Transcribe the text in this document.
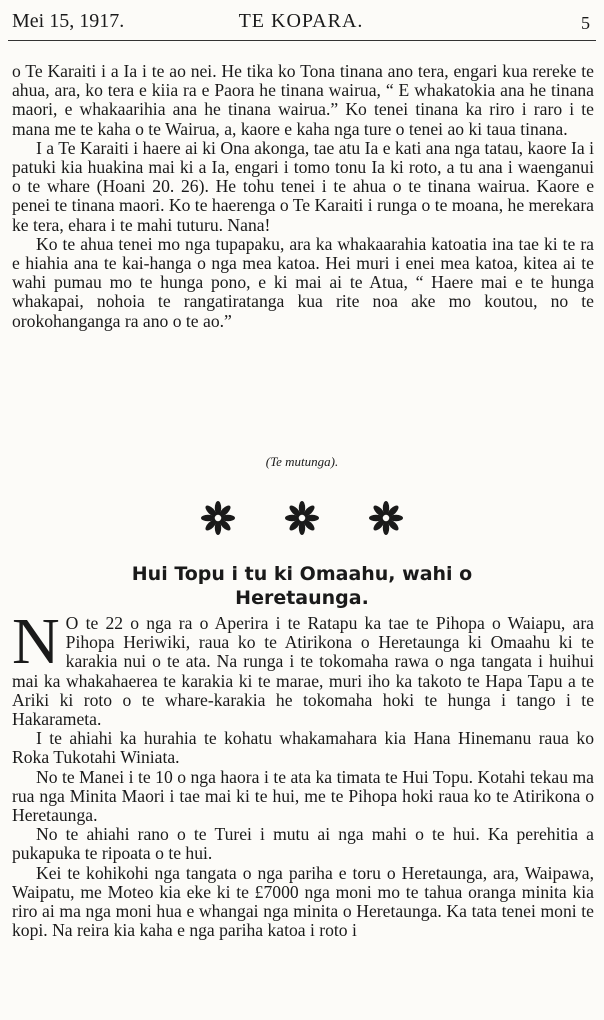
Mei 15, 1917.	TE KOPARA.	5

o Te Karaiti i a Ia i te ao nei. He tika ko Tona tinana ano tera, engari kua rereke te ahua, ara, ko tera e kiia ra e Paora he tinana wairua, “ E whakatokia ana he tinana maori, e whakaarihia ana he tinana wairua.” Ko tenei tinana ka riro i raro i te mana me te kaha o te Wairua, a, kaore e kaha nga ture o tenei ao ki taua tinana.

I a Te Karaiti i haere ai ki Ona akonga, tae atu Ia e kati ana nga tatau, kaore Ia i patuki kia huakina mai ki a Ia, engari i tomo tonu Ia ki roto, a tu ana i waenganui o te whare (Hoani 20. 26). He tohu tenei i te ahua o te tinana wairua. Kaore e penei te tinana maori. Ko te haerenga o Te Karaiti i runga o te moana, he merekara ke tera, ehara i te mahi tuturu. Nana!

Ko te ahua tenei mo nga tupapaku, ara ka whakaarahia katoatia ina tae ki te ra e hiahia ana te kai-hanga o nga mea katoa. Hei muri i enei mea katoa, kitea ai te wahi pumau mo te hunga pono, e ki mai ai te Atua, “ Haere mai e te hunga whakapai, nohoia te rangatiratanga kua rite noa ake mo koutou, no te orokohanganga ra ano o te ao.”

(Te mutunga).

Hui Topu i tu ki Omaahu, wahi o
Heretaunga.

N O te 22 o nga ra o Aperira i te Ratapu ka tae te Pihopa o Waiapu, ara Pihopa Heriwiki, raua ko te Atirikona o Heretaunga ki Omaahu ki te karakia nui o te ata. Na runga i te tokomaha rawa o nga tangata i huihui mai ka whakahaerea te karakia ki te marae, muri iho ka takoto te Hapa Tapu a te Ariki ki roto o te whare-karakia he tokomaha hoki te hunga i tango i te Hakarameta.

I te ahiahi ka hurahia te kohatu whakamahara kia Hana Hinemanu raua ko Roka Tukotahi Winiata.

No te Manei i te 10 o nga haora i te ata ka timata te Hui Topu. Kotahi tekau ma rua nga Minita Maori i tae mai ki te hui, me te Pihopa hoki raua ko te Atirikona o Heretaunga.

No te ahiahi rano o te Turei i mutu ai nga mahi o te hui. Ka perehitia a pukapuka te ripoata o te hui.

Kei te kohikohi nga tangata o nga pariha e toru o Heretaunga, ara, Waipawa, Waipatu, me Moteo kia eke ki te £7000 nga moni mo te tahua oranga minita kia riro ai ma nga moni hua e whangai nga minita o Heretaunga. Ka tata tenei moni te kopi. Na reira kia kaha e nga pariha katoa i roto i
